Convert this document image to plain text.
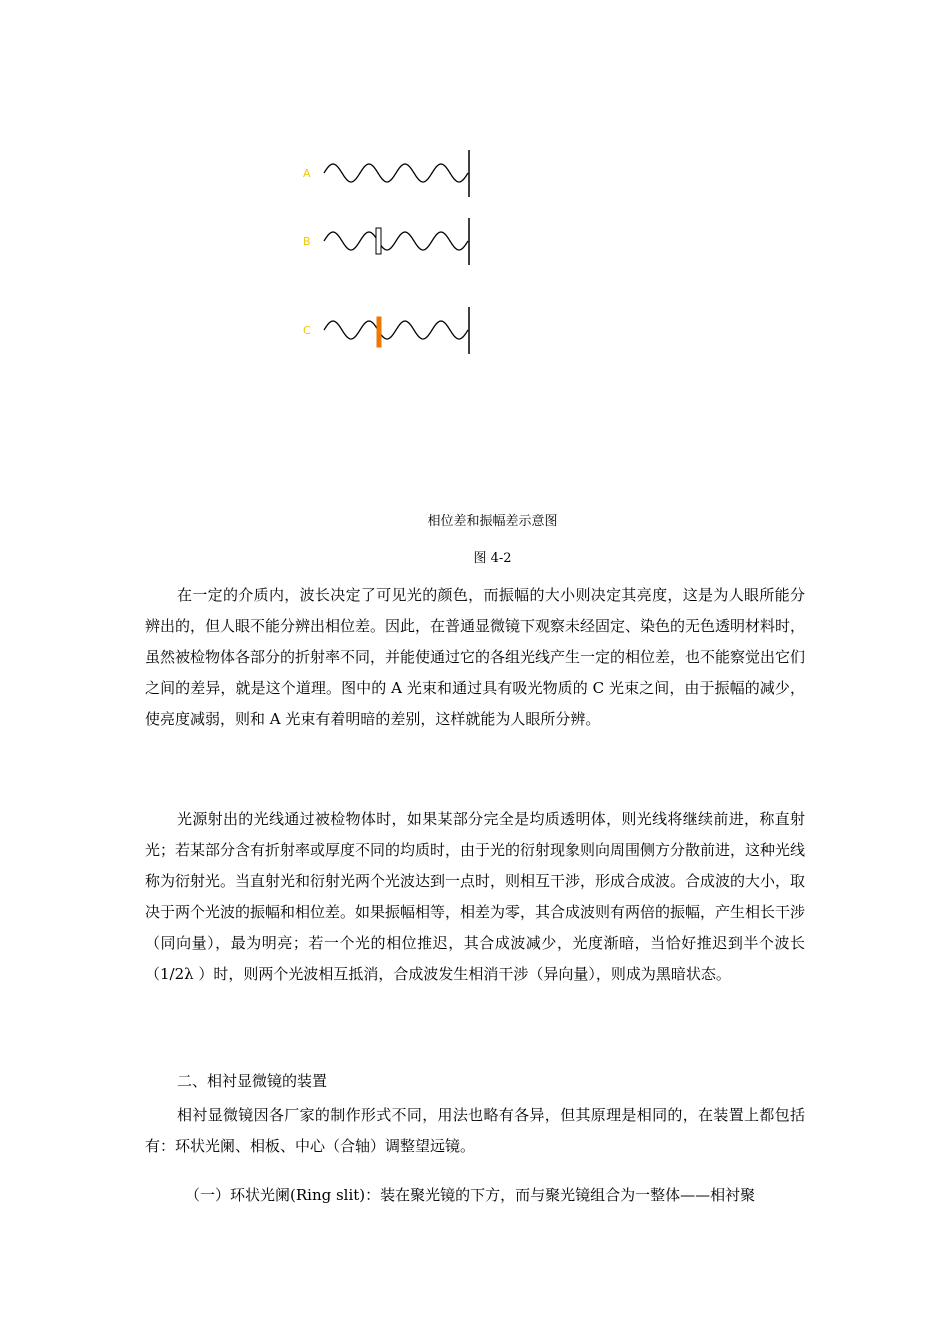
A
B
C
相位差和振幅差示意图
图 4-2

在一定的介质内，波长决定了可见光的颜色，而振幅的大小则决定其亮度，这是为人眼所能分辨出的，但人眼不能分辨出相位差。因此，在普通显微镜下观察未经固定、染色的无色透明材料时，虽然被检物体各部分的折射率不同，并能使通过它的各组光线产生一定的相位差，也不能察觉出它们之间的差异，就是这个道理。图中的 A 光束和通过具有吸光物质的 C 光束之间，由于振幅的减少，使亮度减弱，则和 A 光束有着明暗的差别，这样就能为人眼所分辨。

光源射出的光线通过被检物体时，如果某部分完全是均质透明体，则光线将继续前进，称直射光；若某部分含有折射率或厚度不同的均质时，由于光的衍射现象则向周围侧方分散前进，这种光线称为衍射光。当直射光和衍射光两个光波达到一点时，则相互干涉，形成合成波。合成波的大小，取决于两个光波的振幅和相位差。如果振幅相等，相差为零，其合成波则有两倍的振幅，产生相长干涉（同向量），最为明亮；若一个光的相位推迟，其合成波减少，光度渐暗，当恰好推迟到半个波长（1/2λ ）时，则两个光波相互抵消，合成波发生相消干涉（异向量），则成为黑暗状态。

二、相衬显微镜的装置

相衬显微镜因各厂家的制作形式不同，用法也略有各异，但其原理是相同的，在装置上都包括有：环状光阑、相板、中心（合轴）调整望远镜。

（一）环状光阑(Ring slit)：装在聚光镜的下方，而与聚光镜组合为一整体——相衬聚
